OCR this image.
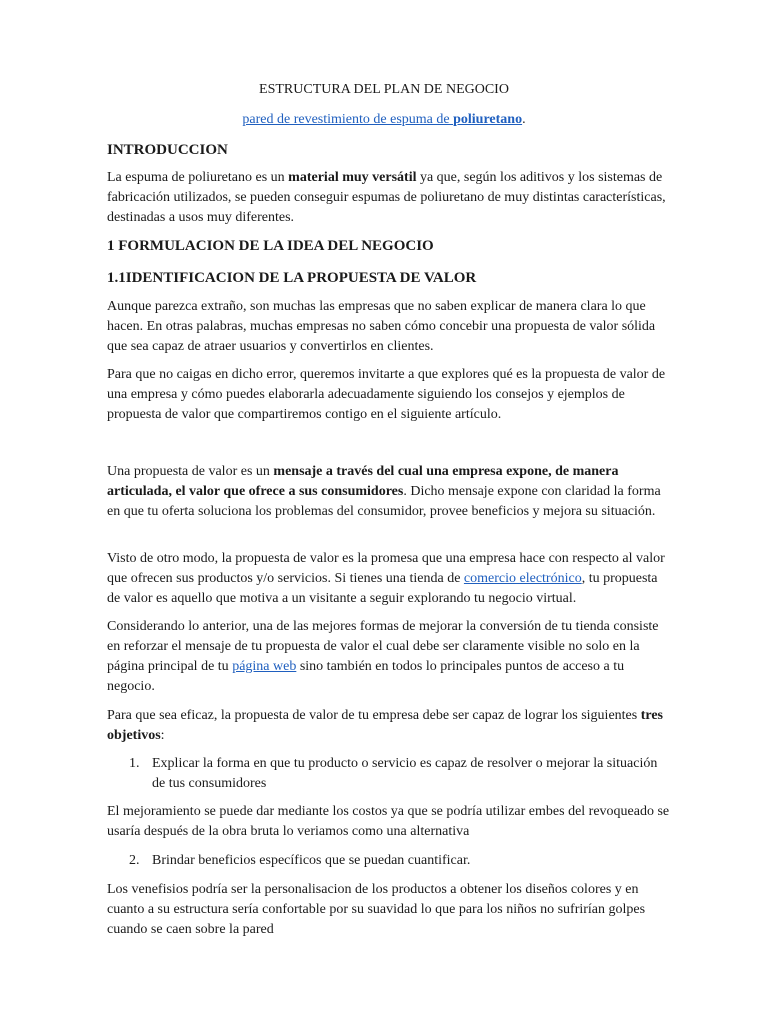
ESTRUCTURA DEL PLAN DE NEGOCIO

pared de revestimiento de espuma de poliuretano.

INTRODUCCION

La espuma de poliuretano es un material muy versátil ya que, según los aditivos y los sistemas de fabricación utilizados, se pueden conseguir espumas de poliuretano de muy distintas características, destinadas a usos muy diferentes.

1 FORMULACION DE LA IDEA DEL NEGOCIO

1.1IDENTIFICACION DE LA PROPUESTA DE VALOR

Aunque parezca extraño, son muchas las empresas que no saben explicar de manera clara lo que hacen. En otras palabras, muchas empresas no saben cómo concebir una propuesta de valor sólida que sea capaz de atraer usuarios y convertirlos en clientes.

Para que no caigas en dicho error, queremos invitarte a que explores qué es la propuesta de valor de una empresa y cómo puedes elaborarla adecuadamente siguiendo los consejos y ejemplos de propuesta de valor que compartiremos contigo en el siguiente artículo.

Una propuesta de valor es un mensaje a través del cual una empresa expone, de manera articulada, el valor que ofrece a sus consumidores. Dicho mensaje expone con claridad la forma en que tu oferta soluciona los problemas del consumidor, provee beneficios y mejora su situación.

Visto de otro modo, la propuesta de valor es la promesa que una empresa hace con respecto al valor que ofrecen sus productos y/o servicios. Si tienes una tienda de comercio electrónico, tu propuesta de valor es aquello que motiva a un visitante a seguir explorando tu negocio virtual.

Considerando lo anterior, una de las mejores formas de mejorar la conversión de tu tienda consiste en reforzar el mensaje de tu propuesta de valor el cual debe ser claramente visible no solo en la página principal de tu página web sino también en todos lo principales puntos de acceso a tu negocio.

Para que sea eficaz, la propuesta de valor de tu empresa debe ser capaz de lograr los siguientes tres objetivos:

1. Explicar la forma en que tu producto o servicio es capaz de resolver o mejorar la situación de tus consumidores

El mejoramiento se puede dar mediante los costos ya que se podría utilizar embes del revoqueado se usaría después de la obra bruta lo veriamos como una alternativa

2. Brindar beneficios específicos que se puedan cuantificar.

Los venefisios podría ser la personalisacion de los productos a obtener los diseños colores y en cuanto a su estructura sería confortable por su suavidad lo que para los niños no sufrirían golpes cuando se caen sobre la pared
